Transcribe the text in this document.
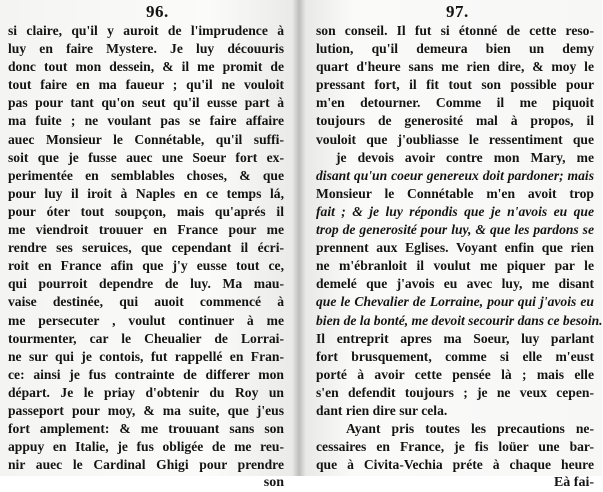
96.
si claire, qu'il y auroit de l'imprudence à
luy en faire Mystere. Je luy découuris
donc tout mon dessein, & il me promit de
tout faire en ma faueur ; qu'il ne vouloit
pas pour tant qu'on seut qu'il eusse part à
ma fuite ; ne voulant pas se faire affaire
auec Monsieur le Connétable, qu'il suffi-
soit que je fusse auec une Soeur fort ex-
perimentée en semblables choses, & que
pour luy il iroit à Naples en ce temps lá,
pour óter tout soupçon, mais qu'aprés il
me viendroit trouuer en France pour me
rendre ses seruices, que cependant il écri-
roit en France afin que j'y eusse tout ce,
qui pourroit dependre de luy. Ma mau-
vaise destinée, qui auoit commencé à
me persecuter , voulut continuer à me
tourmenter, car le Cheualier de Lorrai-
ne sur qui je contois, fut rappellé en Fran-
ce: ainsi je fus contrainte de differer mon
départ. Je le priay d'obtenir du Roy un
passeport pour moy, & ma suite, que j'eus
fort amplement: & me trouuant sans son
appuy en Italie, je fus obligée de me reu-
nir auec le Cardinal Ghigi pour prendre
son
97.
son conseil. Il fut si étonné de cette reso-
lution, qu'il demeura bien un demy
quart d'heure sans me rien dire, & moy le
pressant fort, il fit tout son possible pour
m'en detourner. Comme il me piquoit
toujours de generosité mal à propos, il
vouloit que j'oubliasse le ressentiment que
je devois avoir contre mon Mary, me
disant qu'un coeur genereux doit pardoner; mais
Monsieur le Connétable m'en avoit trop
fait ; & je luy répondis que je n'avois eu que
trop de generosité pour luy, & que les pardons se
prennent aux Eglises. Voyant enfin que rien
ne m'ébranloit il voulut me piquer par le
demelé que j'avois eu avec luy, me disant
que le Chevalier de Lorraine, pour qui j'avois eu
bien de la bonté, me devoit secourir dans ce besoin.
Il entreprit apres ma Soeur, luy parlant
fort brusquement, comme si elle m'eust
porté à avoir cette pensée là ; mais elle
s'en defendit toujours ; je ne veux cepen-
dant rien dire sur cela.
Ayant pris toutes les precautions ne-
cessaires en France, je fis loüer une bar-
que à Civita-Vechia préte à chaque heure
Eà fai-
